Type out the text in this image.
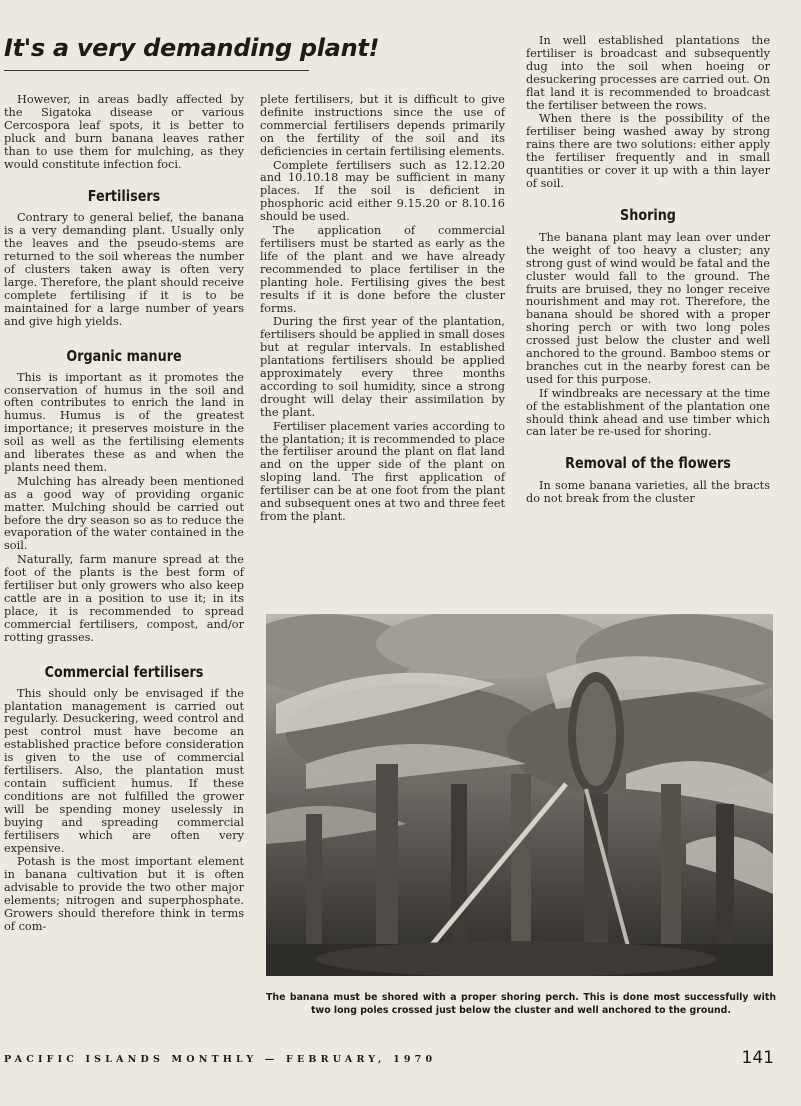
It's a very demanding plant!

However, in areas badly affected by the Sigatoka disease or various Cercospora leaf spots, it is better to pluck and burn banana leaves rather than to use them for mulching, as they would constitute infection foci.

Fertilisers

Contrary to general belief, the banana is a very demanding plant. Usually only the leaves and the pseudo-stems are returned to the soil whereas the number of clusters taken away is often very large. Therefore, the plant should receive complete fertilising if it is to be maintained for a large number of years and give high yields.

Organic manure

This is important as it promotes the conservation of humus in the soil and often contributes to enrich the land in humus. Humus is of the greatest importance; it preserves moisture in the soil as well as the fertilising elements and liberates these as and when the plants need them.

Mulching has already been mentioned as a good way of providing organic matter. Mulching should be carried out before the dry season so as to reduce the evaporation of the water contained in the soil.

Naturally, farm manure spread at the foot of the plants is the best form of fertiliser but only growers who also keep cattle are in a position to use it; in its place, it is recommended to spread commercial fertilisers, compost, and/or rotting grasses.

Commercial fertilisers

This should only be envisaged if the plantation management is carried out regularly. Desuckering, weed control and pest control must have become an established practice before consideration is given to the use of commercial fertilisers. Also, the plantation must contain sufficient humus. If these conditions are not fulfilled the grower will be spending money uselessly in buying and spreading commercial fertilisers which are often very expensive.

Potash is the most important element in banana cultivation but it is often advisable to provide the two other major elements; nitrogen and superphosphate. Growers should therefore think in terms of com-

plete fertilisers, but it is difficult to give definite instructions since the use of commercial fertilisers depends primarily on the fertility of the soil and its deficiencies in certain fertilising elements.

Complete fertilisers such as 12.12.20 and 10.10.18 may be sufficient in many places. If the soil is deficient in phosphoric acid either 9.15.20 or 8.10.16 should be used.

The application of commercial fertilisers must be started as early as the life of the plant and we have already recommended to place fertiliser in the planting hole. Fertilising gives the best results if it is done before the cluster forms.

During the first year of the plantation, fertilisers should be applied in small doses but at regular intervals. In established plantations fertilisers should be applied approximately every three months according to soil humidity, since a strong drought will delay their assimilation by the plant.

Fertiliser placement varies according to the plantation; it is recommended to place the fertiliser around the plant on flat land and on the upper side of the plant on sloping land. The first application of fertiliser can be at one foot from the plant and subsequent ones at two and three feet from the plant.

In well established plantations the fertiliser is broadcast and subsequently dug into the soil when hoeing or desuckering processes are carried out. On flat land it is recommended to broadcast the fertiliser between the rows.

When there is the possibility of the fertiliser being washed away by strong rains there are two solutions: either apply the fertiliser frequently and in small quantities or cover it up with a thin layer of soil.

Shoring

The banana plant may lean over under the weight of too heavy a cluster; any strong gust of wind would be fatal and the cluster would fall to the ground. The fruits are bruised, they no longer receive nourishment and may rot. Therefore, the banana should be shored with a proper shoring perch or with two long poles crossed just below the cluster and well anchored to the ground. Bamboo stems or branches cut in the nearby forest can be used for this purpose.

If windbreaks are necessary at the time of the establishment of the plantation one should think ahead and use timber which can later be re-used for shoring.

Removal of the flowers

In some banana varieties, all the bracts do not break from the cluster

The banana must be shored with a proper shoring perch. This is done most successfully with two long poles crossed just below the cluster and well anchored to the ground.
PACIFIC ISLANDS MONTHLY — FEBRUARY, 1970	141
